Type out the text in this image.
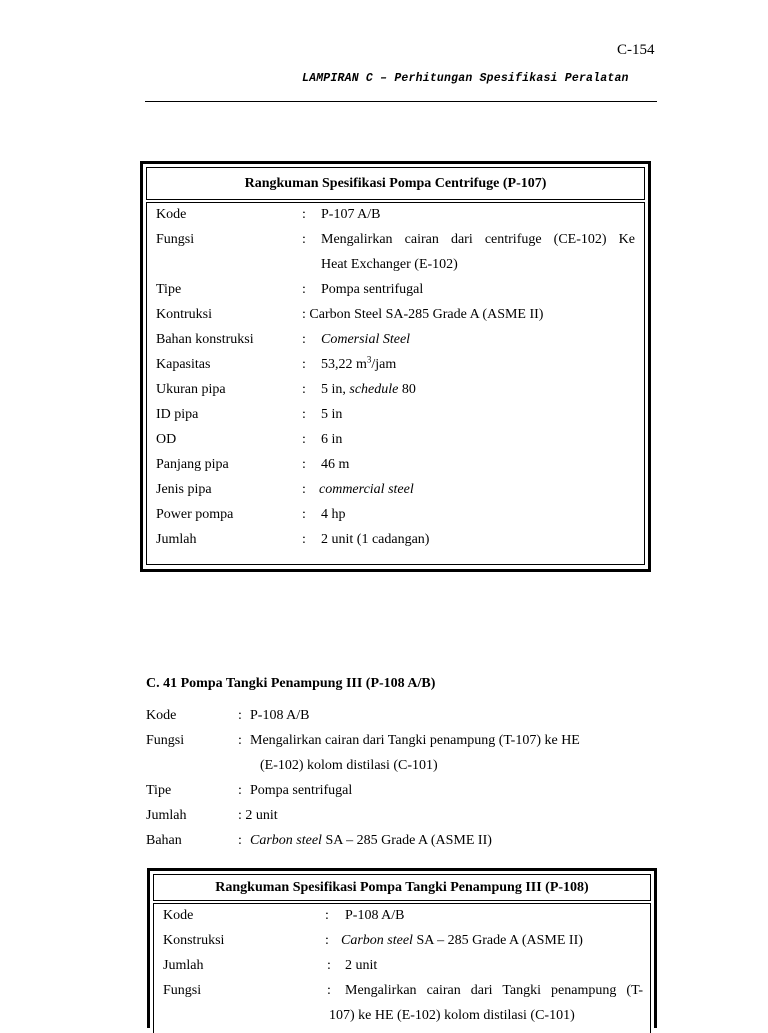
C-154
LAMPIRAN C – Perhitungan Spesifikasi Peralatan
Rangkuman Spesifikasi Pompa Centrifuge (P-107)
Kode	: P-107 A/B
Fungsi	: Mengalirkan cairan dari centrifuge (CE-102) Ke
Heat Exchanger (E-102)
Tipe	: Pompa sentrifugal
Kontruksi	: Carbon Steel SA-285 Grade A (ASME II)
Bahan konstruksi	: Comersial Steel
Kapasitas	: 53,22 $m^3$/jam
Ukuran pipa	: 5 in, schedule 80
ID pipa	: 5 in
OD	: 6 in
Panjang pipa	: 46 m
Jenis pipa	: commercial steel
Power pompa	: 4 hp
Jumlah	: 2 unit (1 cadangan)
C. 41 Pompa Tangki Penampung III (P-108 A/B)
Kode	: P-108 A/B
Fungsi	: Mengalirkan cairan dari Tangki penampung (T-107) ke HE
(E-102) kolom distilasi (C-101)
Tipe	: Pompa sentrifugal
Jumlah	: 2 unit
Bahan	: Carbon steel SA – 285 Grade A (ASME II)
Rangkuman Spesifikasi Pompa Tangki Penampung III (P-108)
Kode	: P-108 A/B
Konstruksi	: Carbon steel SA – 285 Grade A (ASME II)
Jumlah	: 2 unit
Fungsi	: Mengalirkan cairan dari Tangki penampung (T-
107) ke HE (E-102) kolom distilasi (C-101)
